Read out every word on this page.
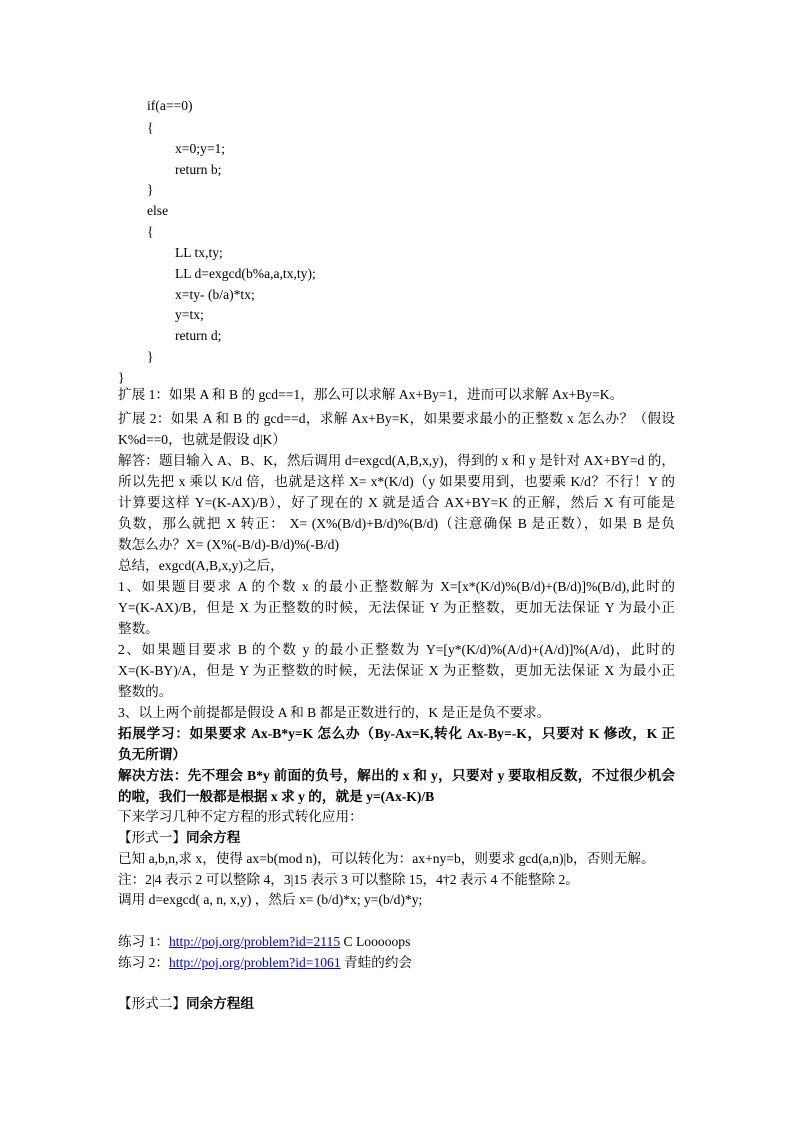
if(a==0)
{
x=0;y=1;
return b;
}
else
{
LL tx,ty;
LL d=exgcd(b%a,a,tx,ty);
x=ty- (b/a)*tx;
y=tx;
return d;
}
}
扩展 1：如果 A 和 B 的 gcd==1，那么可以求解 Ax+By=1，进而可以求解 Ax+By=K。
扩展 2：如果 A 和 B 的 gcd==d，求解 Ax+By=K，如果要求最小的正整数 x 怎么办？（假设
K%d==0，也就是假设 d|K）
解答：题目输入 A、B、K，然后调用 d=exgcd(A,B,x,y)，得到的 x 和 y 是针对 AX+BY=d 的，
所以先把 x 乘以 K/d 倍，也就是这样 X= x*(K/d)（y 如果要用到，也要乘 K/d？不行！Y 的
计算要这样 Y=(K-AX)/B），好了现在的 X 就是适合 AX+BY=K 的正解，然后 X 有可能是
负数，那么就把 X 转正： X= (X%(B/d)+B/d)%(B/d)（注意确保 B 是正数），如果 B 是负
数怎么办？X= (X%(-B/d)-B/d)%(-B/d)
总结，exgcd(A,B,x,y)之后，
1、如果题目要求 A 的个数 x 的最小正整数解为 X=[x*(K/d)%(B/d)+(B/d)]%(B/d),此时的
Y=(K-AX)/B，但是 X 为正整数的时候，无法保证 Y 为正整数，更加无法保证 Y 为最小正
整数。
2、如果题目要求 B 的个数 y 的最小正整数为 Y=[y*(K/d)%(A/d)+(A/d)]%(A/d)，此时的
X=(K-BY)/A，但是 Y 为正整数的时候，无法保证 X 为正整数，更加无法保证 X 为最小正
整数的。
3、以上两个前提都是假设 A 和 B 都是正数进行的，K 是正是负不要求。
拓展学习：如果要求 Ax-B*y=K 怎么办（By-Ax=K,转化 Ax-By=-K，只要对 K 修改，K 正
负无所谓）
解决方法：先不理会 B*y 前面的负号，解出的 x 和 y，只要对 y 要取相反数，不过很少机会
的啦，我们一般都是根据 x 求 y 的，就是 y=(Ax-K)/B
下来学习几种不定方程的形式转化应用：
【形式一】同余方程
已知 a,b,n,求 x，使得 ax=b(mod n)，可以转化为：ax+ny=b，则要求 gcd(a,n)|b，否则无解。
注：2|4 表示 2 可以整除 4，3|15 表示 3 可以整除 15，4†2 表示 4 不能整除 2。
调用 d=exgcd( a, n, x,y) ，然后 x= (b/d)*x; y=(b/d)*y;
练习 1：http://poj.org/problem?id=2115 C Looooops
练习 2：http://poj.org/problem?id=1061 青蛙的约会
【形式二】同余方程组
